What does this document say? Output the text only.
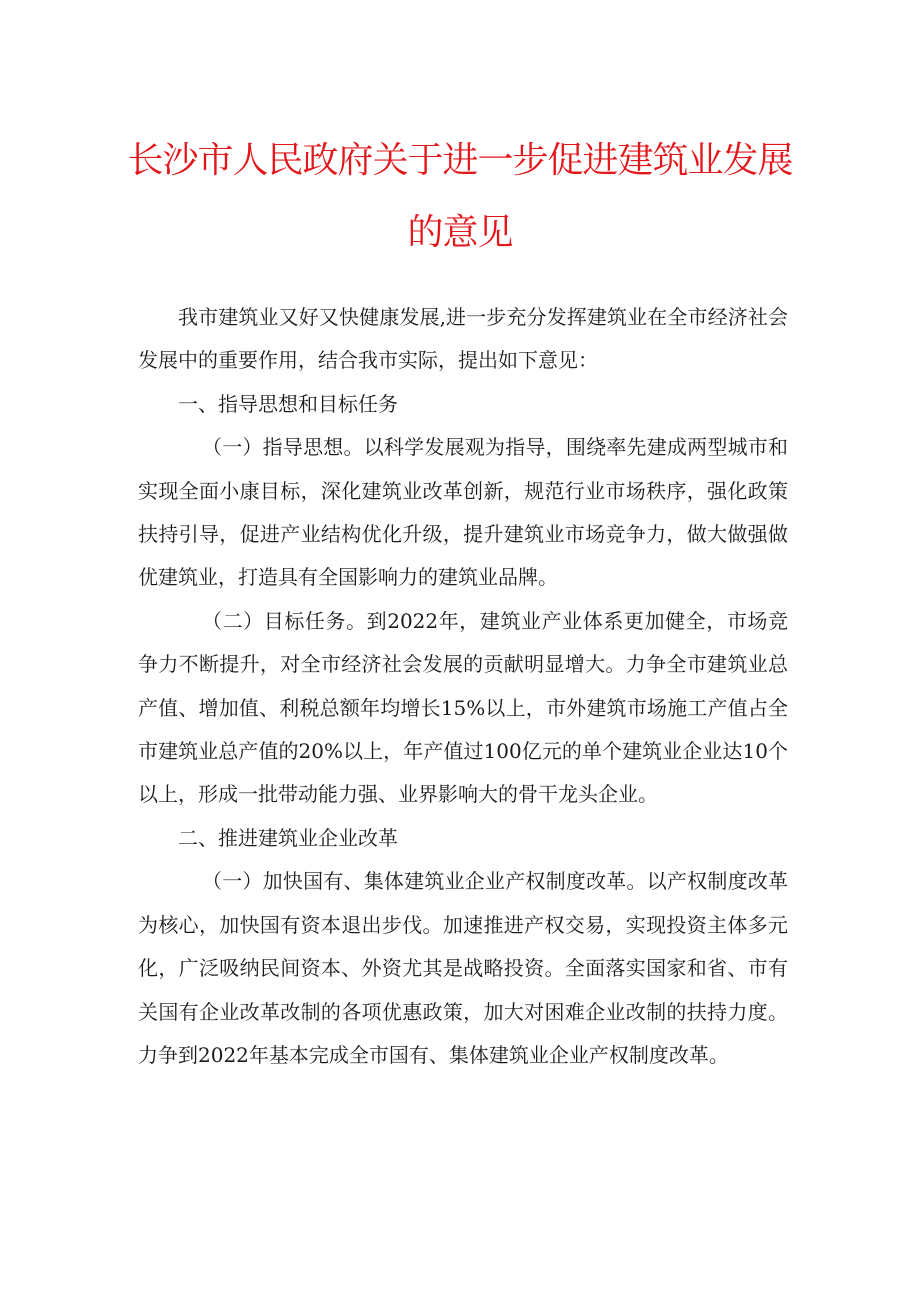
长沙市人民政府关于进一步促进建筑业发展
的意见

我市建筑业又好又快健康发展,进一步充分发挥建筑业在全市经济社会发展中的重要作用，结合我市实际，提出如下意见：

一、指导思想和目标任务

（一）指导思想。以科学发展观为指导，围绕率先建成两型城市和实现全面小康目标，深化建筑业改革创新，规范行业市场秩序，强化政策扶持引导，促进产业结构优化升级，提升建筑业市场竞争力，做大做强做优建筑业，打造具有全国影响力的建筑业品牌。

（二）目标任务。到2022年，建筑业产业体系更加健全，市场竞争力不断提升，对全市经济社会发展的贡献明显增大。力争全市建筑业总产值、增加值、利税总额年均增长15%以上，市外建筑市场施工产值占全市建筑业总产值的20%以上，年产值过100亿元的单个建筑业企业达10个以上，形成一批带动能力强、业界影响大的骨干龙头企业。

二、推进建筑业企业改革

（一）加快国有、集体建筑业企业产权制度改革。以产权制度改革为核心，加快国有资本退出步伐。加速推进产权交易，实现投资主体多元化，广泛吸纳民间资本、外资尤其是战略投资。全面落实国家和省、市有关国有企业改革改制的各项优惠政策，加大对困难企业改制的扶持力度。力争到2022年基本完成全市国有、集体建筑业企业产权制度改革。
